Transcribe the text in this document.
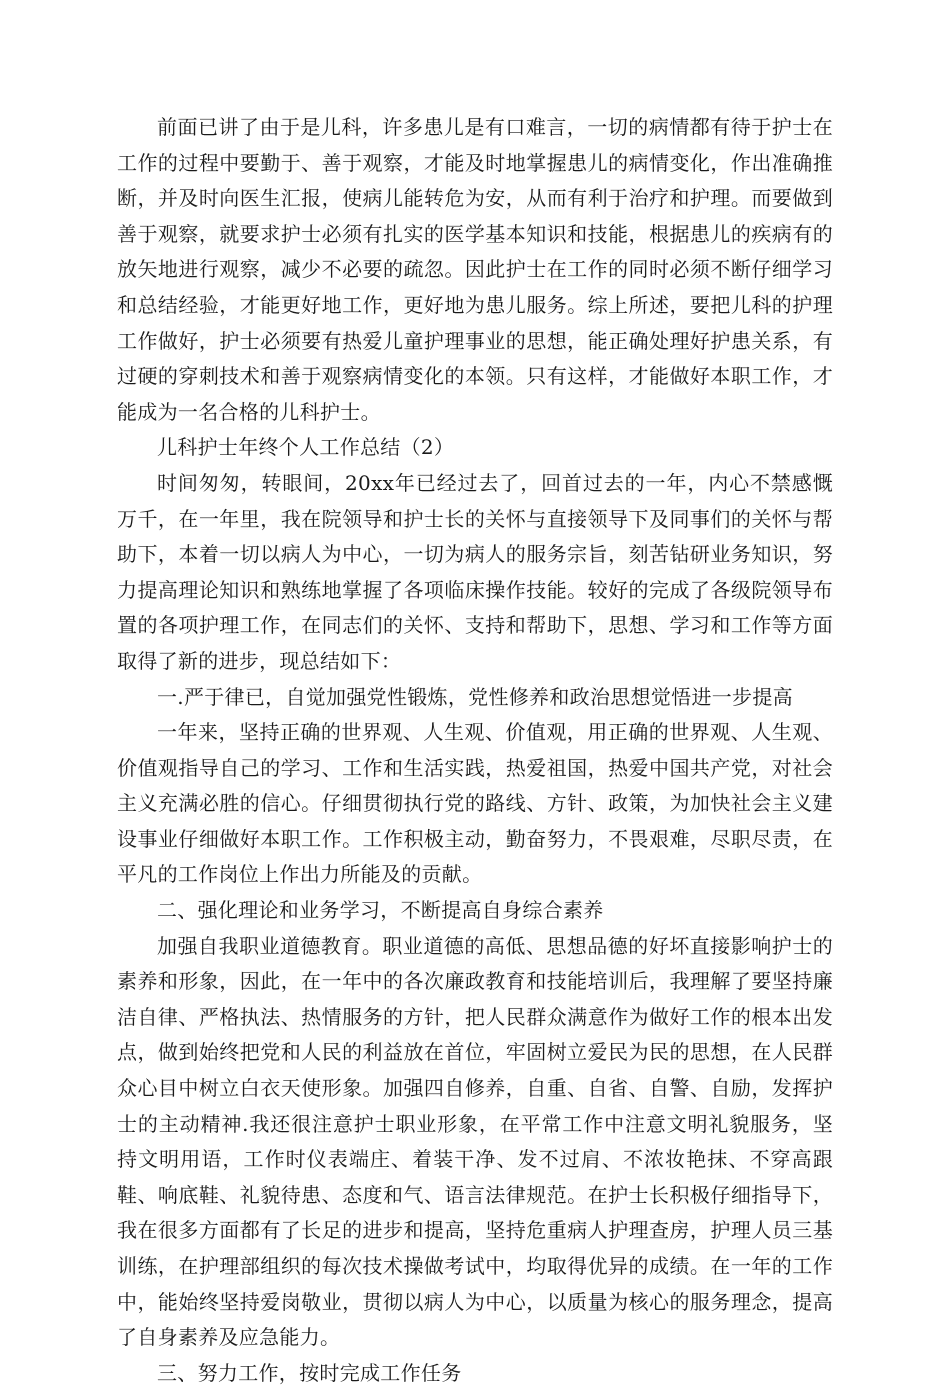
前面已讲了由于是儿科，许多患儿是有口难言，一切的病情都有待于护士在工作的过程中要勤于、善于观察，才能及时地掌握患儿的病情变化，作出准确推断，并及时向医生汇报，使病儿能转危为安，从而有利于治疗和护理。而要做到善于观察，就要求护士必须有扎实的医学基本知识和技能，根据患儿的疾病有的放矢地进行观察，减少不必要的疏忽。因此护士在工作的同时必须不断仔细学习和总结经验，才能更好地工作，更好地为患儿服务。综上所述，要把儿科的护理工作做好，护士必须要有热爱儿童护理事业的思想，能正确处理好护患关系，有过硬的穿刺技术和善于观察病情变化的本领。只有这样，才能做好本职工作，才能成为一名合格的儿科护士。

儿科护士年终个人工作总结（2）

时间匆匆，转眼间，20xx年已经过去了，回首过去的一年，内心不禁感慨万千，在一年里，我在院领导和护士长的关怀与直接领导下及同事们的关怀与帮助下，本着一切以病人为中心，一切为病人的服务宗旨，刻苦钻研业务知识，努力提高理论知识和熟练地掌握了各项临床操作技能。较好的完成了各级院领导布置的各项护理工作，在同志们的关怀、支持和帮助下，思想、学习和工作等方面取得了新的进步，现总结如下：

一.严于律已，自觉加强党性锻炼，党性修养和政治思想觉悟进一步提高

一年来，坚持正确的世界观、人生观、价值观，用正确的世界观、人生观、价值观指导自己的学习、工作和生活实践，热爱祖国，热爱中国共产党，对社会主义充满必胜的信心。仔细贯彻执行党的路线、方针、政策，为加快社会主义建设事业仔细做好本职工作。工作积极主动，勤奋努力，不畏艰难，尽职尽责，在平凡的工作岗位上作出力所能及的贡献。

二、强化理论和业务学习，不断提高自身综合素养

加强自我职业道德教育。职业道德的高低、思想品德的好坏直接影响护士的素养和形象，因此，在一年中的各次廉政教育和技能培训后，我理解了要坚持廉洁自律、严格执法、热情服务的方针，把人民群众满意作为做好工作的根本出发点，做到始终把党和人民的利益放在首位，牢固树立爱民为民的思想，在人民群众心目中树立白衣天使形象。加强四自修养，自重、自省、自警、自励，发挥护士的主动精神.我还很注意护士职业形象，在平常工作中注意文明礼貌服务，坚持文明用语，工作时仪表端庄、着装干净、发不过肩、不浓妆艳抹、不穿高跟鞋、响底鞋、礼貌待患、态度和气、语言法律规范。在护士长积极仔细指导下，我在很多方面都有了长足的进步和提高，坚持危重病人护理查房，护理人员三基训练，在护理部组织的每次技术操做考试中，均取得优异的成绩。在一年的工作中，能始终坚持爱岗敬业，贯彻以病人为中心，以质量为核心的服务理念，提高了自身素养及应急能力。

三、努力工作，按时完成工作任务
